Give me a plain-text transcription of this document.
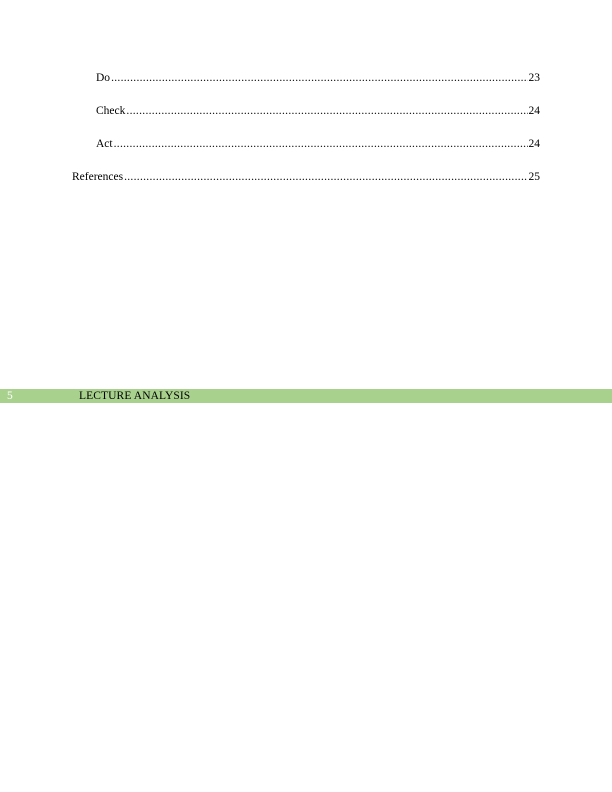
Do .....	23
Check .....	24
Act .....	24
References .....	25
5	LECTURE ANALYSIS
